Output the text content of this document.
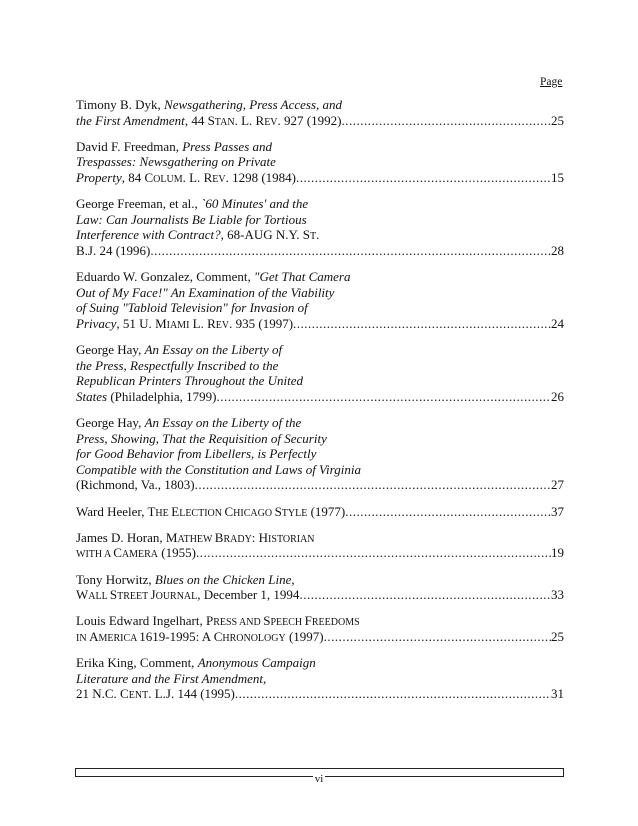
Page
Timony B. Dyk, Newsgathering, Press Access, and
the First Amendment, 44 STAN. L. REV. 927 (1992) .....	25
David F. Freedman, Press Passes and
Trespasses: Newsgathering on Private
Property, 84 COLUM. L. REV. 1298 (1984) .....	15
George Freeman, et al., `60 Minutes' and the
Law: Can Journalists Be Liable for Tortious
Interference with Contract?, 68-AUG N.Y. ST.
B.J. 24 (1996) .....	28
Eduardo W. Gonzalez, Comment, "Get That Camera
Out of My Face!" An Examination of the Viability
of Suing "Tabloid Television" for Invasion of
Privacy, 51 U. MIAMI L. REV. 935 (1997) .....	24
George Hay, An Essay on the Liberty of
the Press, Respectfully Inscribed to the
Republican Printers Throughout the United
States (Philadelphia, 1799) .....	26
George Hay, An Essay on the Liberty of the
Press, Showing, That the Requisition of Security
for Good Behavior from Libellers, is Perfectly
Compatible with the Constitution and Laws of Virginia
(Richmond, Va., 1803) .....	27
Ward Heeler, THE ELECTION CHICAGO STYLE (1977) .....	37
James D. Horan, MATHEW BRADY: HISTORIAN
WITH A CAMERA (1955) .....	19
Tony Horwitz, Blues on the Chicken Line,
WALL STREET JOURNAL, December 1, 1994 .....	33
Louis Edward Ingelhart, PRESS AND SPEECH FREEDOMS
IN AMERICA 1619-1995: A CHRONOLOGY (1997) .....	25
Erika King, Comment, Anonymous Campaign
Literature and the First Amendment,
21 N.C. CENT. L.J. 144 (1995) .....	31
vi
